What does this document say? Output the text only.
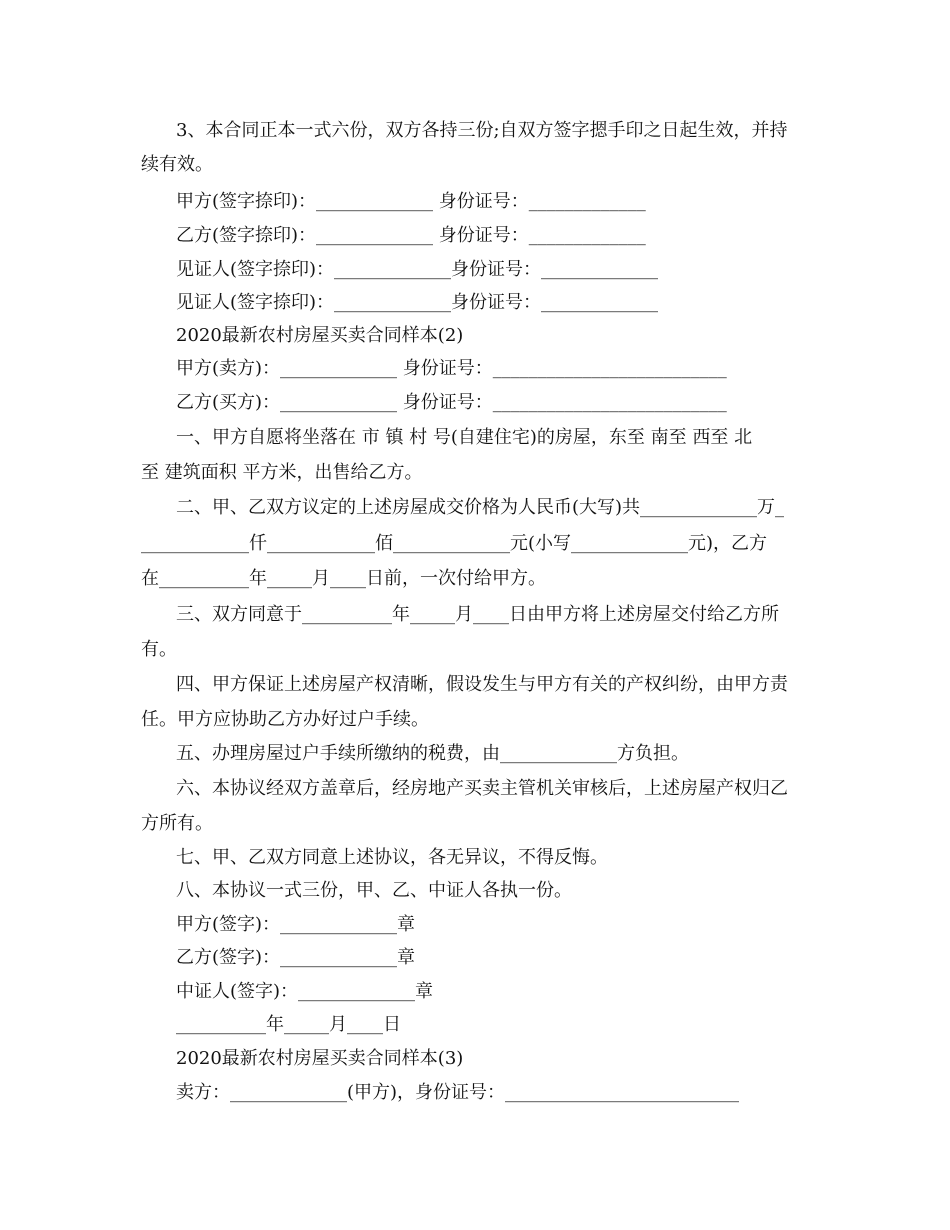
3、本合同正本一式六份，双方各持三份;自双方签字摁手印之日起生效，并持
续有效。
甲方(签字捺印)：_____________ 身份证号：_____________
乙方(签字捺印)：_____________ 身份证号：_____________
见证人(签字捺印)：_____________身份证号：_____________
见证人(签字捺印)：_____________身份证号：_____________
2020最新农村房屋买卖合同样本(2)
甲方(卖方)：_____________ 身份证号：__________________________
乙方(买方)：_____________ 身份证号：__________________________
一、甲方自愿将坐落在 市 镇 村 号(自建住宅)的房屋，东至 南至 西至 北
至 建筑面积 平方米，出售给乙方。
二、甲、乙双方议定的上述房屋成交价格为人民币(大写)共_____________万_
____________仟____________佰_____________元(小写_____________元)，乙方
在__________年_____月____日前，一次付给甲方。
三、双方同意于__________年_____月____日由甲方将上述房屋交付给乙方所
有。
四、甲方保证上述房屋产权清晰，假设发生与甲方有关的产权纠纷，由甲方责
任。甲方应协助乙方办好过户手续。
五、办理房屋过户手续所缴纳的税费，由_____________方负担。
六、本协议经双方盖章后，经房地产买卖主管机关审核后，上述房屋产权归乙
方所有。
七、甲、乙双方同意上述协议，各无异议，不得反悔。
八、本协议一式三份，甲、乙、中证人各执一份。
甲方(签字)：_____________章
乙方(签字)：_____________章
中证人(签字)：_____________章
__________年_____月____日
2020最新农村房屋买卖合同样本(3)
卖方：_____________(甲方)，身份证号：__________________________
